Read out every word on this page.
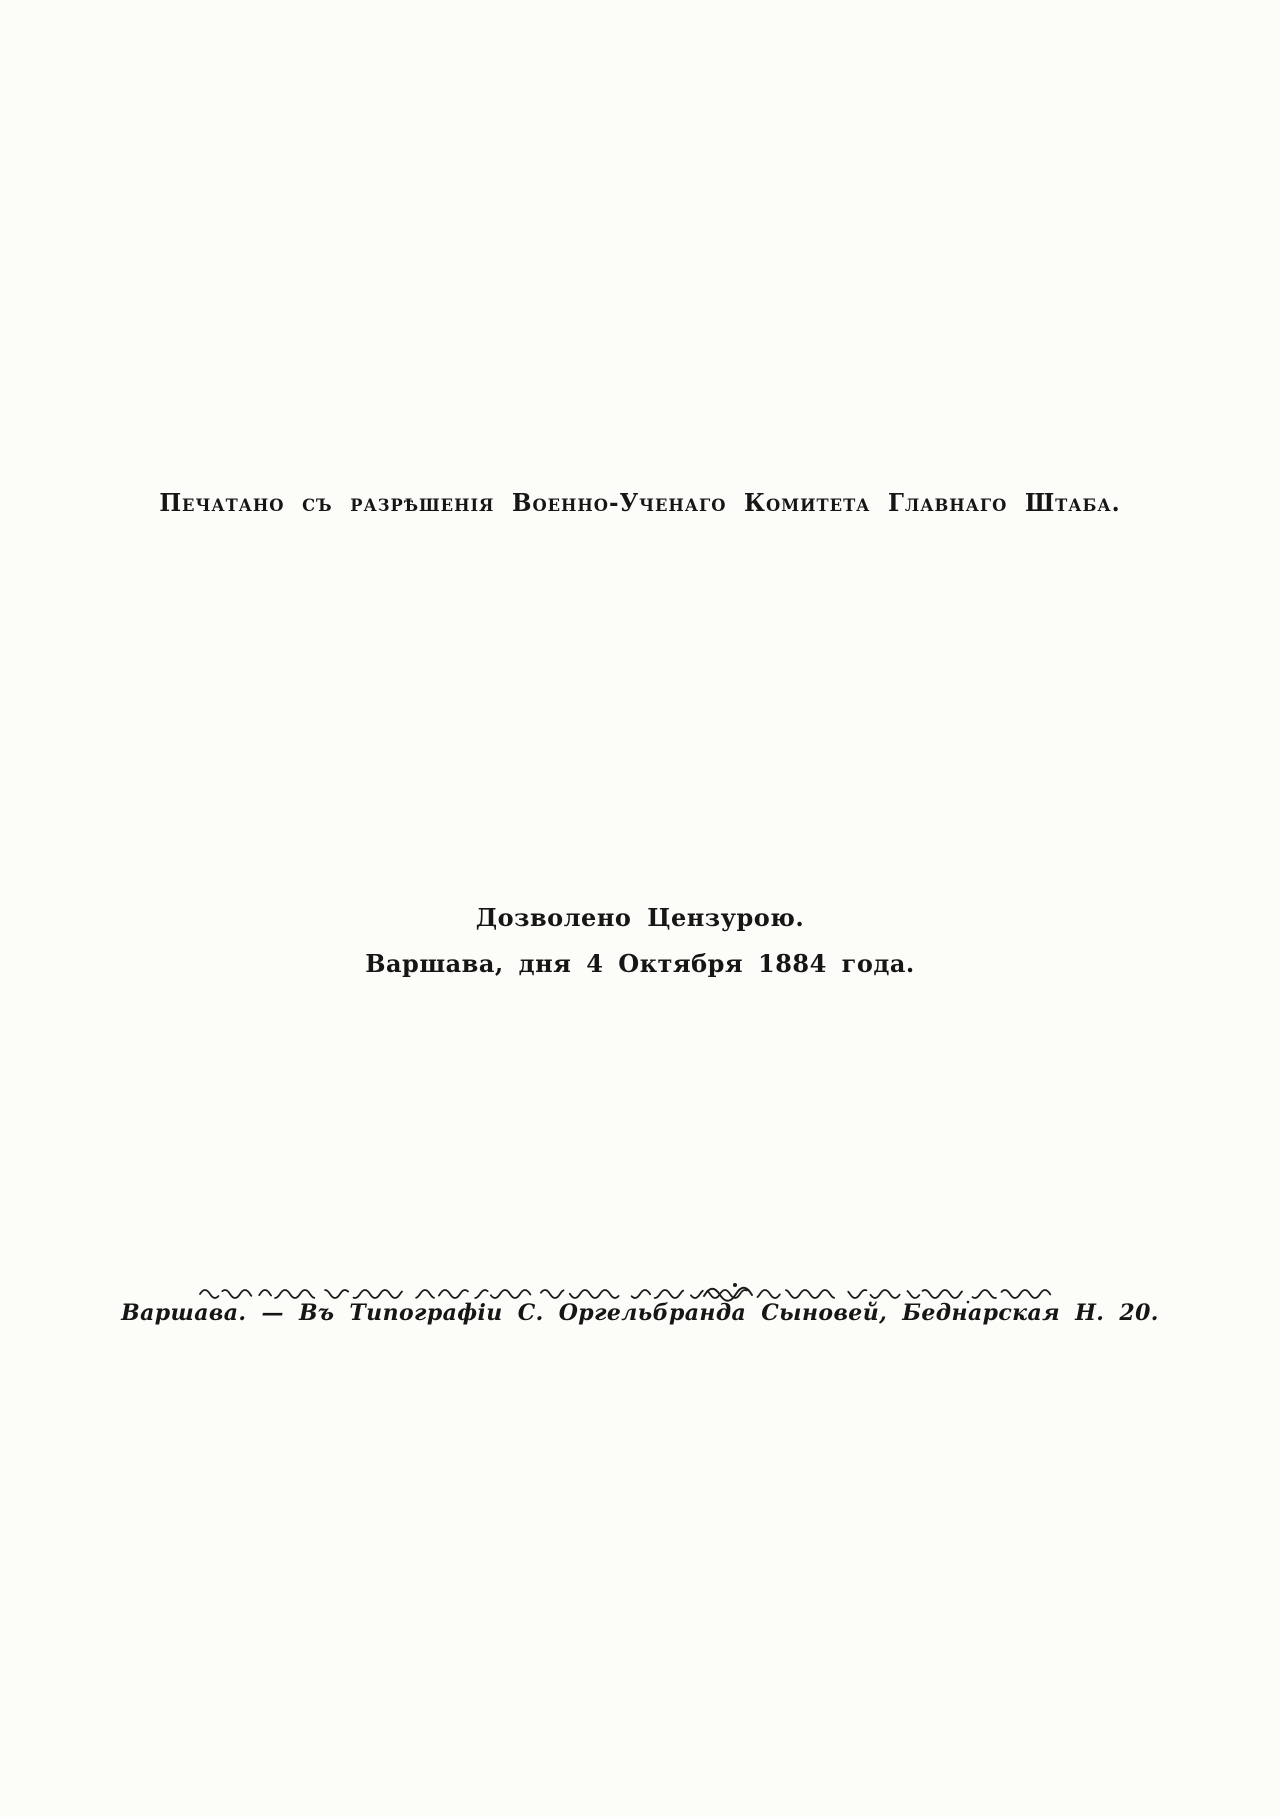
Печатано съ разрѣшенія Военно-Ученаго Комитета Главнаго Штаба.

Дозволено Цензурою.

Варшава, дня 4 Октября 1884 года.

Варшава. — Въ Типографіи С. Оргельбранда Сыновей, Беднарская Н. 20.
